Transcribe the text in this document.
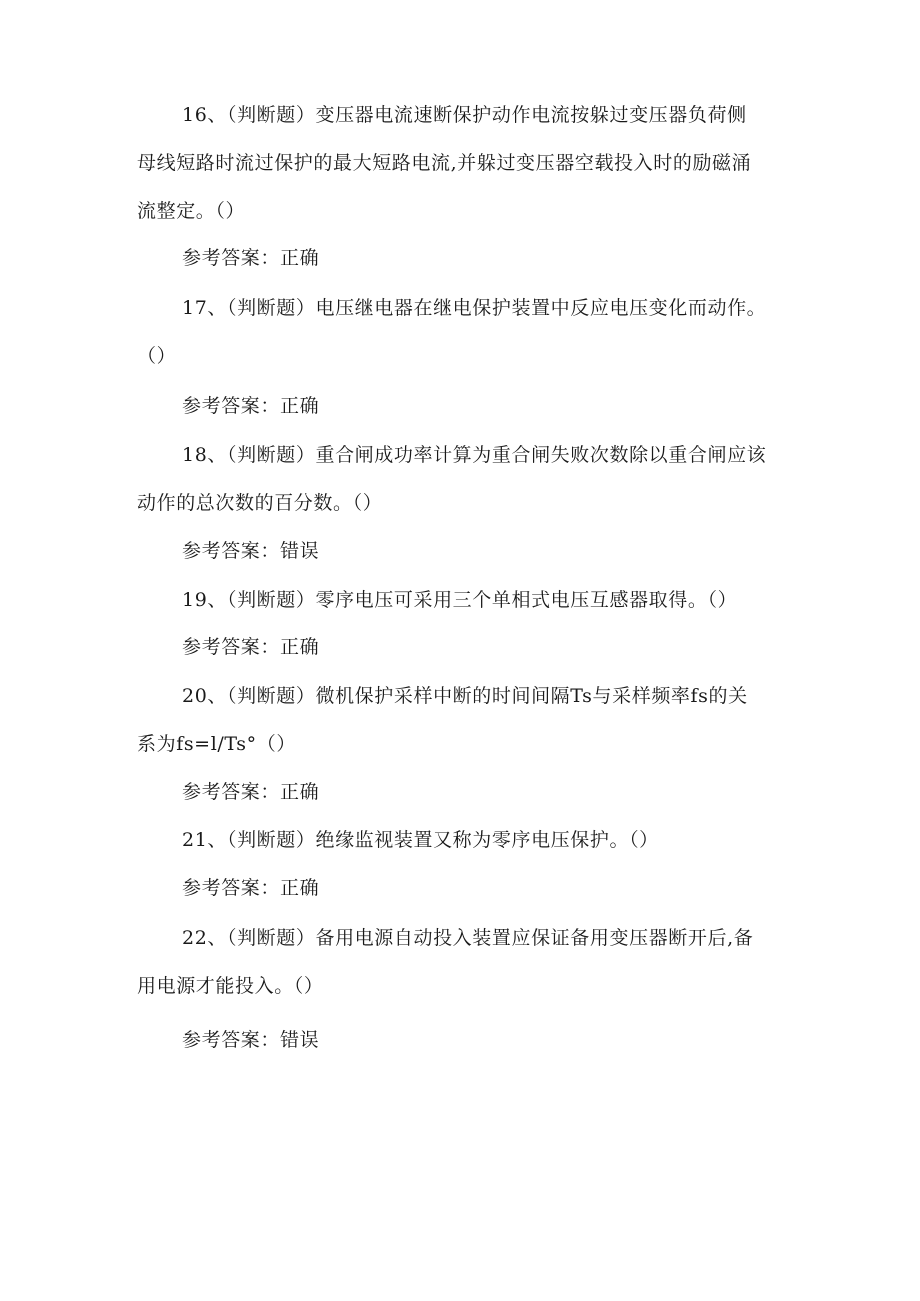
16、（判断题）变压器电流速断保护动作电流按躲过变压器负荷侧
母线短路时流过保护的最大短路电流,并躲过变压器空载投入时的励磁涌
流整定。（）
参考答案：正确
17、（判断题）电压继电器在继电保护装置中反应电压变化而动作。
（）
参考答案：正确
18、（判断题）重合闸成功率计算为重合闸失败次数除以重合闸应该
动作的总次数的百分数。（）
参考答案：错误
19、（判断题）零序电压可采用三个单相式电压互感器取得。（）
参考答案：正确
20、（判断题）微机保护采样中断的时间间隔Ts与采样频率fs的关
系为fs=l/Ts°（）
参考答案：正确
21、（判断题）绝缘监视装置又称为零序电压保护。（）
参考答案：正确
22、（判断题）备用电源自动投入装置应保证备用变压器断开后,备
用电源才能投入。（）
参考答案：错误
